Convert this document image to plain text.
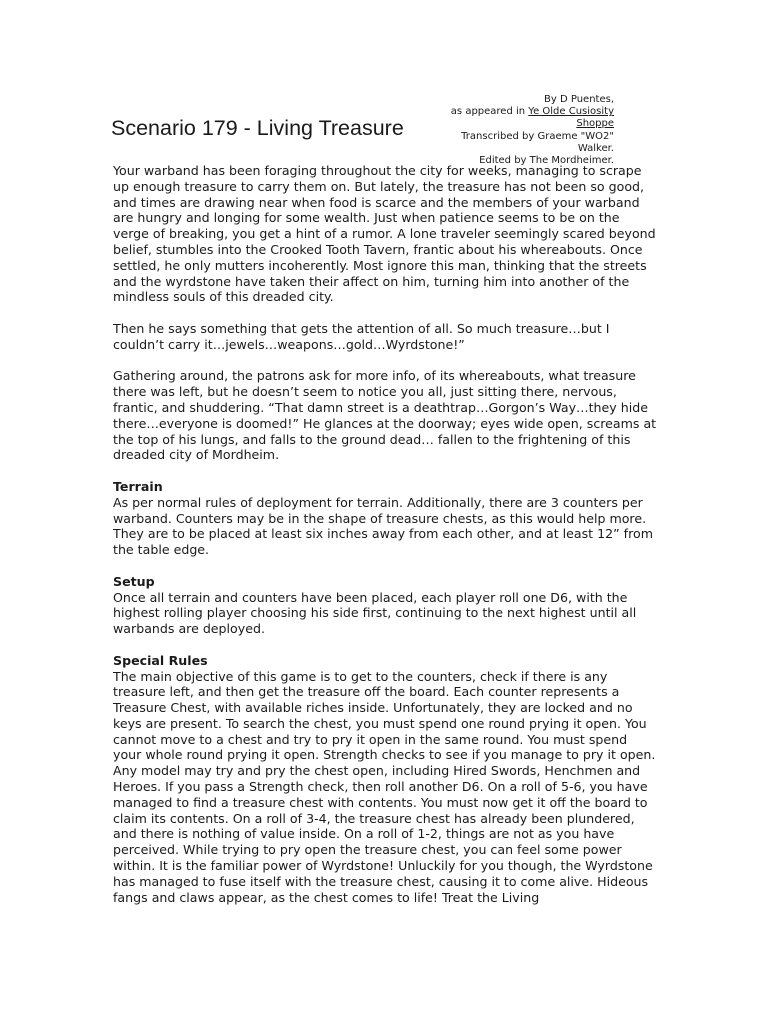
By D Puentes,
as appeared in Ye Olde Cusiosity
Shoppe
Transcribed by Graeme "WO2"
Walker.
Edited by The Mordheimer.
Scenario 179 - Living Treasure

Your warband has been foraging throughout the city for weeks, managing to scrape up enough treasure to carry them on. But lately, the treasure has not been so good, and times are drawing near when food is scarce and the members of your warband are hungry and longing for some wealth. Just when patience seems to be on the verge of breaking, you get a hint of a rumor. A lone traveler seemingly scared beyond belief, stumbles into the Crooked Tooth Tavern, frantic about his whereabouts. Once settled, he only mutters incoherently. Most ignore this man, thinking that the streets and the wyrdstone have taken their affect on him, turning him into another of the mindless souls of this dreaded city.

Then he says something that gets the attention of all. So much treasure…but I couldn’t carry it…jewels…weapons…gold…Wyrdstone!”

Gathering around, the patrons ask for more info, of its whereabouts, what treasure there was left, but he doesn’t seem to notice you all, just sitting there, nervous, frantic, and shuddering. “That damn street is a deathtrap…Gorgon’s Way…they hide there…everyone is doomed!” He glances at the doorway; eyes wide open, screams at the top of his lungs, and falls to the ground dead… fallen to the frightening of this dreaded city of Mordheim.

Terrain

As per normal rules of deployment for terrain. Additionally, there are 3 counters per warband. Counters may be in the shape of treasure chests, as this would help more. They are to be placed at least six inches away from each other, and at least 12” from the table edge.

Setup

Once all terrain and counters have been placed, each player roll one D6, with the highest rolling player choosing his side first, continuing to the next highest until all warbands are deployed.

Special Rules

The main objective of this game is to get to the counters, check if there is any treasure left, and then get the treasure off the board. Each counter represents a Treasure Chest, with available riches inside. Unfortunately, they are locked and no keys are present. To search the chest, you must spend one round prying it open. You cannot move to a chest and try to pry it open in the same round. You must spend your whole round prying it open. Strength checks to see if you manage to pry it open. Any model may try and pry the chest open, including Hired Swords, Henchmen and Heroes. If you pass a Strength check, then roll another D6. On a roll of 5-6, you have managed to find a treasure chest with contents. You must now get it off the board to claim its contents. On a roll of 3-4, the treasure chest has already been plundered, and there is nothing of value inside. On a roll of 1-2, things are not as you have perceived. While trying to pry open the treasure chest, you can feel some power within. It is the familiar power of Wyrdstone! Unluckily for you though, the Wyrdstone has managed to fuse itself with the treasure chest, causing it to come alive. Hideous fangs and claws appear, as the chest comes to life! Treat the Living
